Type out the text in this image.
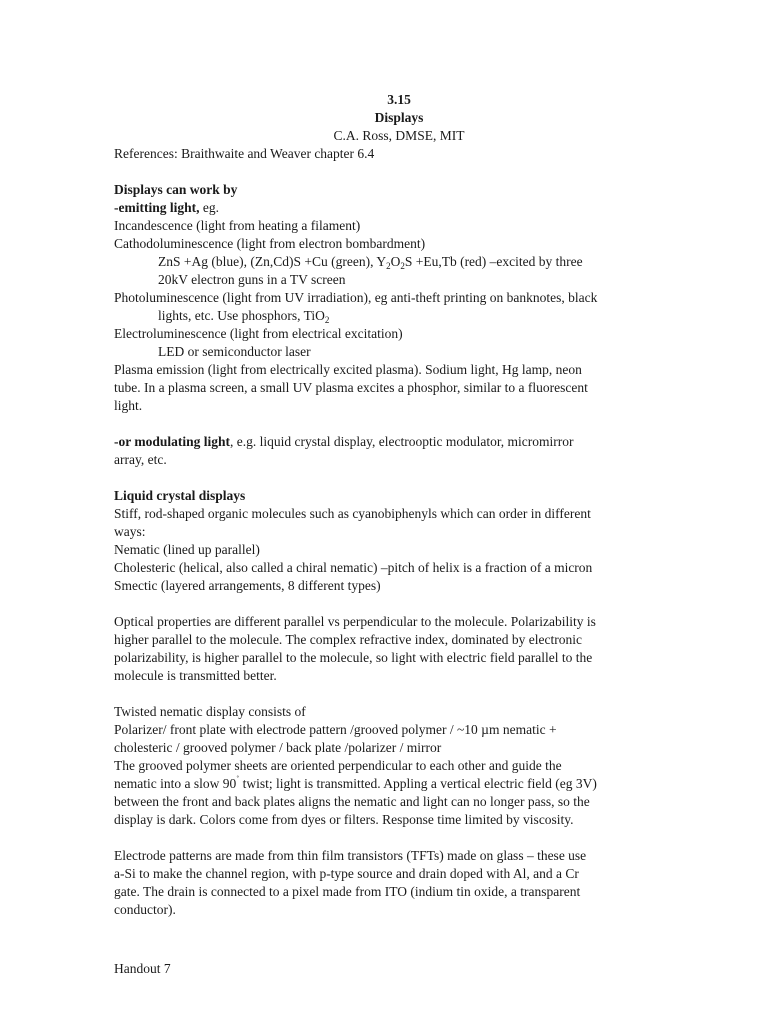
3.15
Displays
C.A. Ross, DMSE, MIT
References: Braithwaite and Weaver chapter 6.4
Displays can work by
-emitting light, eg.
Incandescence (light from heating a filament)
Cathodoluminescence (light from electron bombardment)
ZnS +Ag (blue), (Zn,Cd)S +Cu (green), $Y_2O_2S +Eu,Tb$ (red) –excited by three
20kV electron guns in a TV screen
Photoluminescence (light from UV irradiation), eg anti-theft printing on banknotes, black
lights, etc. Use phosphors, TiO$_2$
Electroluminescence (light from electrical excitation)
LED or semiconductor laser
Plasma emission (light from electrically excited plasma). Sodium light, Hg lamp, neon
tube. In a plasma screen, a small UV plasma excites a phosphor, similar to a fluorescent
light.
-or modulating light, e.g. liquid crystal display, electrooptic modulator, micromirror
array, etc.
Liquid crystal displays
Stiff, rod-shaped organic molecules such as cyanobiphenyls which can order in different
ways:
Nematic (lined up parallel)
Cholesteric (helical, also called a chiral nematic) –pitch of helix is a fraction of a micron
Smectic (layered arrangements, 8 different types)
Optical properties are different parallel vs perpendicular to the molecule. Polarizability is
higher parallel to the molecule. The complex refractive index, dominated by electronic
polarizability, is higher parallel to the molecule, so light with electric field parallel to the
molecule is transmitted better.
Twisted nematic display consists of
Polarizer/ front plate with electrode pattern /grooved polymer / ~10 µm nematic +
cholesteric / grooved polymer / back plate /polarizer / mirror
The grooved polymer sheets are oriented perpendicular to each other and guide the
nematic into a slow 90˚ twist; light is transmitted. Appling a vertical electric field (eg 3V)
between the front and back plates aligns the nematic and light can no longer pass, so the
display is dark. Colors come from dyes or filters. Response time limited by viscosity.
Electrode patterns are made from thin film transistors (TFTs) made on glass – these use
a-Si to make the channel region, with p-type source and drain doped with Al, and a Cr
gate. The drain is connected to a pixel made from ITO (indium tin oxide, a transparent
conductor).
Handout 7
